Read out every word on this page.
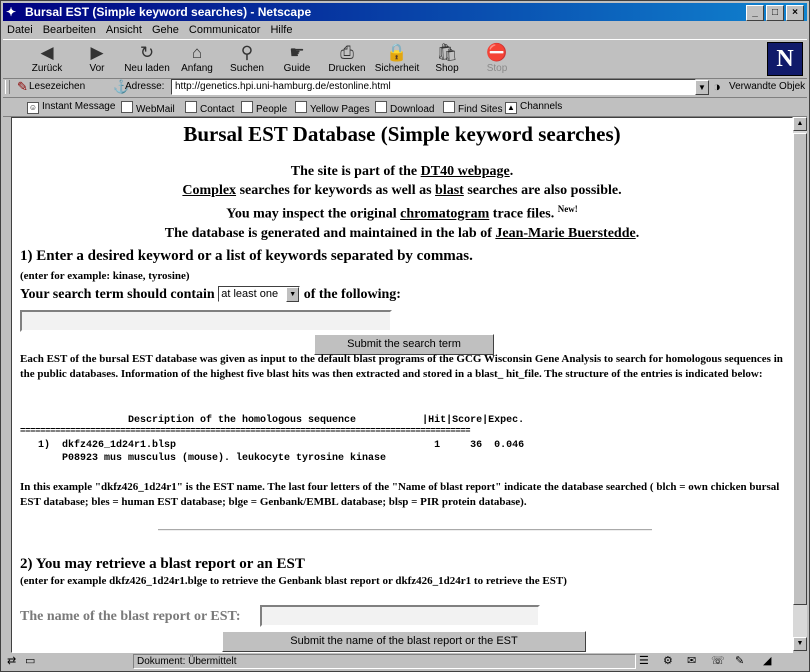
✦ Bursal EST (Simple keyword searches) - Netscape	_	□	×
Datei Bearbeiten Ansicht Gehe Communicator Hilfe
◀
Zurück
▶
Vor
↻
Neu laden
⌂
Anfang
⚲
Suchen
☛
Guide
⎙
Drucken
🔒
Sicherheit
🛍
Shop
⛔
Stop	N
✎ Lesezeichen ⚓
Adresse:	http://genetics.hpi.uni-hamburg.de/estonline.html	▼ ◑ Verwandte Objek
☺ Instant Message	WebMail	Contact	People	Yellow Pages	Download	Find Sites ▲ Channels
Bursal EST Database (Simple keyword searches)
The site is part of the DT40 webpage.
Complex searches for keywords as well as blast searches are also possible.
You may inspect the original chromatogram trace files. $^{New!}$
The database is generated and maintained in the lab of Jean-Marie Buerstedde.
1) Enter a desired keyword or a list of keywords separated by commas.
(enter for example: kinase, tyrosine)
Your search term should contain at least one	▼ of the following:
Submit the search term
Each EST of the bursal EST database was given as input to the default blast programs of the GCG Wisconsin Gene Analysis to search for homologous sequences in the public databases. Information of the highest five blast hits was then extracted and stored in a blast_ hit_file. The structure of the entries is indicated below:
Description of the homologous sequence           |Hit|Score|Expec.
==========================================================================================
1)  dkfz426_1d24r1.blsp                                           1     36  0.046
P08923 mus musculus (mouse). leukocyte tyrosine kinase
In this example "dkfz426_1d24r1" is the EST name. The last four letters of the "Name of blast report" indicate the database searched ( blch = own chicken bursal EST database; bles = human EST database; blge = Genbank/EMBL database; blsp = PIR protein database).
2) You may retrieve a blast report or an EST
(enter for example dkfz426_1d24r1.blge to retrieve the Genbank blast report or dkfz426_1d24r1 to retrieve the EST)
The name of the blast report or EST:
Submit the name of the blast report or the EST
▲
▼
⇄ ▭	Dokument: Übermittelt	☰ ⚙ ✉ ☏ ✎ ◢
